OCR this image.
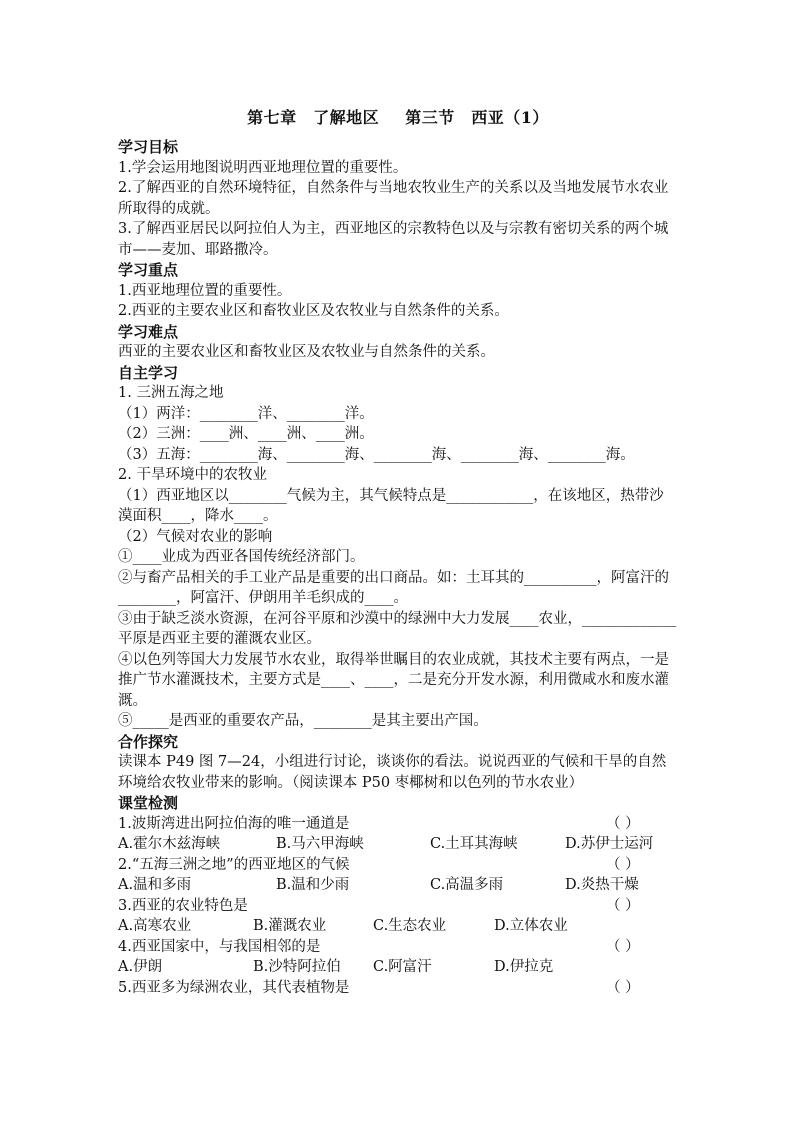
第七章　了解地区 第三节　西亚（1）
学习目标
1.学会运用地图说明西亚地理位置的重要性。
2.了解西亚的自然环境特征，自然条件与当地农牧业生产的关系以及当地发展节水农业所取得的成就。
3.了解西亚居民以阿拉伯人为主，西亚地区的宗教特色以及与宗教有密切关系的两个城市——麦加、耶路撒冷。
学习重点
1.西亚地理位置的重要性。
2.西亚的主要农业区和畜牧业区及农牧业与自然条件的关系。
学习难点
西亚的主要农业区和畜牧业区及农牧业与自然条件的关系。
自主学习
1. 三洲五海之地
（1）两洋：________洋、________洋。
（2）三洲：____洲、____洲、____洲。
（3）五海：________海、________海、________海、________海、________海。
2. 干旱环境中的农牧业
（1）西亚地区以________气候为主，其气候特点是____________，在该地区，热带沙漠面积____，降水____。
（2）气候对农业的影响
①____业成为西亚各国传统经济部门。
②与畜产品相关的手工业产品是重要的出口商品。如：土耳其的__________，阿富汗的________，阿富汗、伊朗用羊毛织成的____。
③由于缺乏淡水资源，在河谷平原和沙漠中的绿洲中大力发展____农业，_____________平原是西亚主要的灌溉农业区。
④以色列等国大力发展节水农业，取得举世瞩目的农业成就，其技术主要有两点，一是推广节水灌溉技术，主要方式是____、____，二是充分开发水源，利用微咸水和废水灌溉。
⑤_____是西亚的重要农产品，________是其主要出产国。
合作探究
读课本 P49 图 7—24，小组进行讨论，谈谈你的看法。说说西亚的气候和干旱的自然环境给农牧业带来的影响。（阅读课本 P50 枣椰树和以色列的节水农业）
课堂检测
1.波斯湾进出阿拉伯海的唯一通道是	（ ）
A.霍尔木兹海峡	B.马六甲海峡	C.土耳其海峡	D.苏伊士运河
2.“五海三洲之地”的西亚地区的气候	（ ）
A.温和多雨	B.温和少雨	C.高温多雨	D.炎热干燥
3.西亚的农业特色是	（ ）
A.高寒农业	B.灌溉农业	C.生态农业	D.立体农业
4.西亚国家中，与我国相邻的是	（ ）
A.伊朗	B.沙特阿拉伯	C.阿富汗	D.伊拉克
5.西亚多为绿洲农业，其代表植物是	（ ）
